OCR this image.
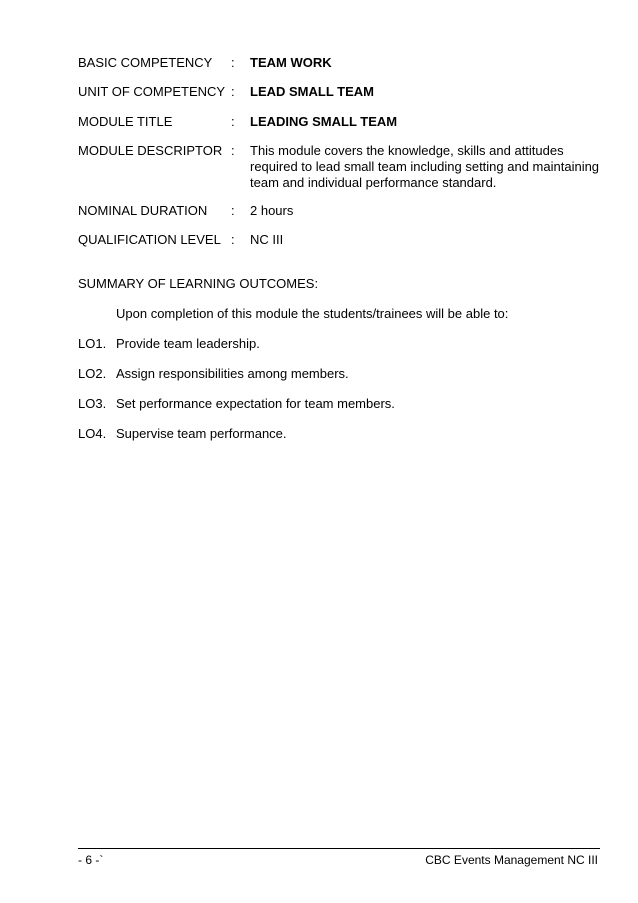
BASIC COMPETENCY : TEAM WORK
UNIT OF COMPETENCY : LEAD SMALL TEAM
MODULE TITLE	: LEADING SMALL TEAM
MODULE DESCRIPTOR : This module covers the knowledge, skills and attitudes required to lead small team including setting and maintaining team and individual performance standard.
NOMINAL DURATION : 2 hours
QUALIFICATION LEVEL : NC III
SUMMARY OF LEARNING OUTCOMES:
Upon completion of this module the students/trainees will be able to:
LO1. Provide team leadership.
LO2. Assign responsibilities among members.
LO3. Set performance expectation for team members.
LO4. Supervise team performance.
- 6 -`	CBC Events Management NC III
